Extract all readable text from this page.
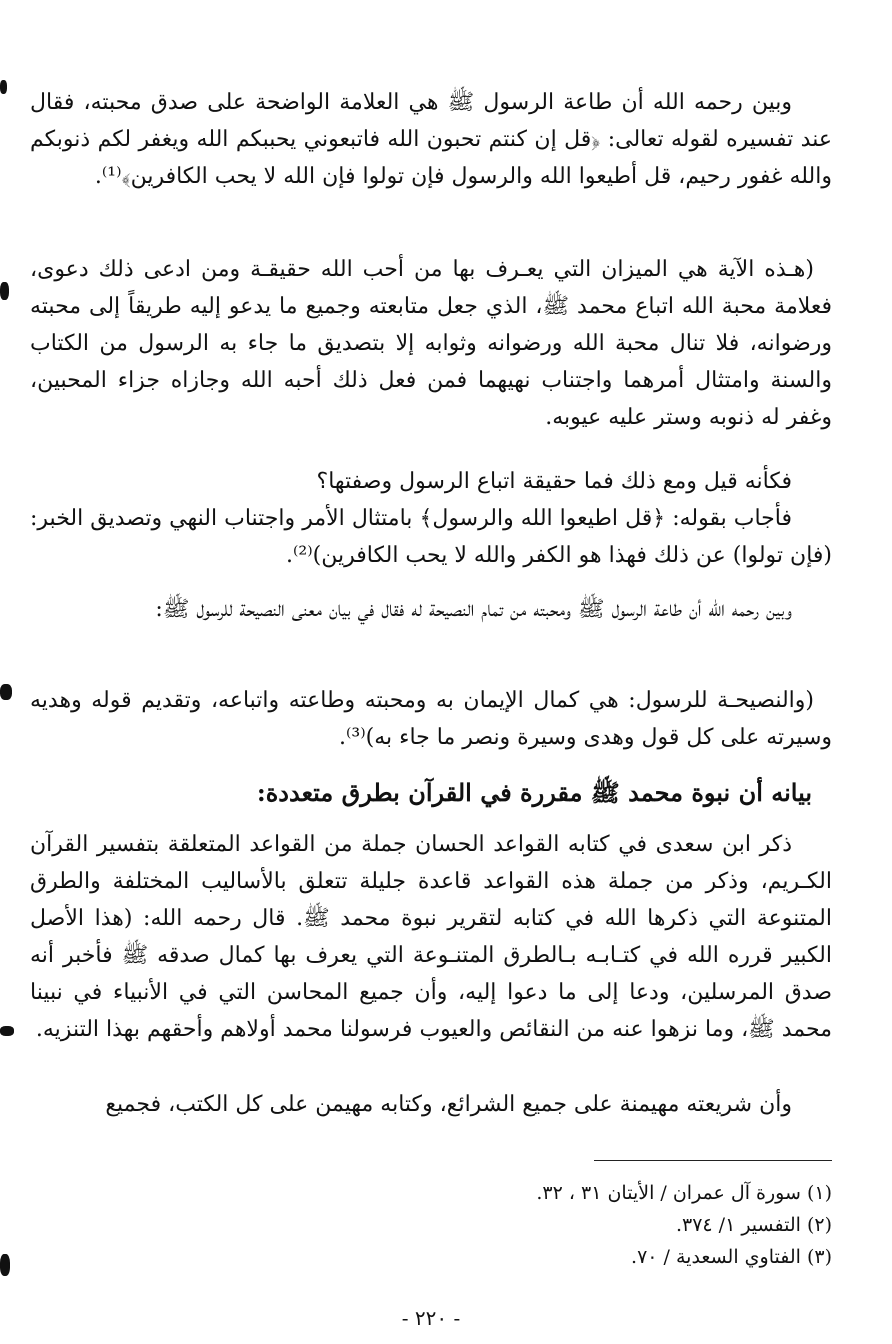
وبين رحمه الله أن طاعة الرسول ﷺ هي العلامة الواضحة على صدق محبته، فقال عند تفسيره لقوله تعالى: ﴿قل إن كنتم تحبون الله فاتبعوني يحببكم الله ويغفر لكم ذنوبكم والله غفور رحيم، قل أطيعوا الله والرسول فإن تولوا فإن الله لا يحب الكافرين﴾⁽¹⁾.

(هـذه الآية هي الميزان التي يعـرف بها من أحب الله حقيقـة ومن ادعى ذلك دعوى، فعلامة محبة الله اتباع محمد ﷺ، الذي جعل متابعته وجميع ما يدعو إليه طريقاً إلى محبته ورضوانه، فلا تنال محبة الله ورضوانه وثوابه إلا بتصديق ما جاء به الرسول من الكتاب والسنة وامتثال أمرهما واجتناب نهيهما فمن فعل ذلك أحبه الله وجازاه جزاء المحبين، وغفر له ذنوبه وستر عليه عيوبه.

فكأنه قيل ومع ذلك فما حقيقة اتباع الرسول وصفتها؟

فأجاب بقوله: ﴿قل اطيعوا الله والرسول﴾ بامتثال الأمر واجتناب النهي وتصديق الخبر: (فإن تولوا) عن ذلك فهذا هو الكفر والله لا يحب الكافرين)⁽²⁾.

وبين رحمه الله أن طاعة الرسول ﷺ ومحبته من تمام النصيحة له فقال في بيان معنى النصيحة للرسول ﷺ:

(والنصيحـة للرسول: هي كمال الإيمان به ومحبته وطاعته واتباعه، وتقديم قوله وهديه وسيرته على كل قول وهدى وسيرة ونصر ما جاء به)⁽³⁾.

بيانه أن نبوة محمد ﷺ مقررة في القرآن بطرق متعددة:

ذكر ابن سعدى في كتابه القواعد الحسان جملة من القواعد المتعلقة بتفسير القرآن الكـريم، وذكر من جملة هذه القواعد قاعدة جليلة تتعلق بالأساليب المختلفة والطرق المتنوعة التي ذكرها الله في كتابه لتقرير نبوة محمد ﷺ. قال رحمه الله: (هذا الأصل الكبير قرره الله في كتـابـه بـالطرق المتنـوعة التي يعرف بها كمال صدقه ﷺ فأخبر أنه صدق المرسلين، ودعا إلى ما دعوا إليه، وأن جميع المحاسن التي في الأنبياء في نبينا محمد ﷺ، وما نزهوا عنه من النقائص والعيوب فرسولنا محمد أولاهم وأحقهم بهذا التنزيه.

وأن شريعته مهيمنة على جميع الشرائع، وكتابه مهيمن على كل الكتب، فجميع

(١) سورة آل عمران / الأيتان ٣١ ، ٣٢.

(٢) التفسير ١/ ٣٧٤.

(٣) الفتاوي السعدية / ٧٠.

- ٢٢٠ -
